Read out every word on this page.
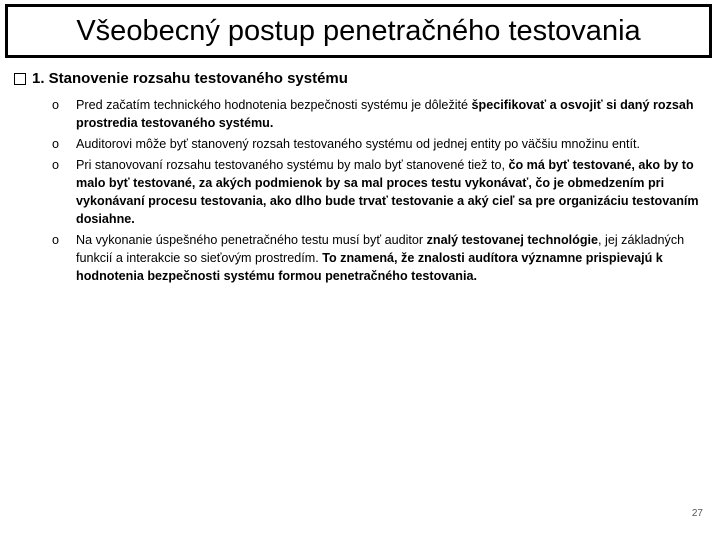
Všeobecný postup penetračného testovania
1. Stanovenie rozsahu testovaného systému
o Pred začatím technického hodnotenia bezpečnosti systému je dôležité špecifikovať a osvojiť si daný rozsah prostredia testovaného systému.
o Auditorovi môže byť stanovený rozsah testovaného systému od jednej entity po väčšiu množinu entít.
o Pri stanovovaní rozsahu testovaného systému by malo byť stanovené tiež to, čo má byť testované, ako by to malo byť testované, za akých podmienok by sa mal proces testu vykonávať, čo je obmedzením pri vykonávaní procesu testovania, ako dlho bude trvať testovanie a aký cieľ sa pre organizáciu testovaním dosiahne.
o Na vykonanie úspešného penetračného testu musí byť auditor znalý testovanej technológie, jej základných funkcií a interakcie so sieťovým prostredím. To znamená, že znalosti audítora významne prispievajú k hodnotenia bezpečnosti systému formou penetračného testovania.
27
